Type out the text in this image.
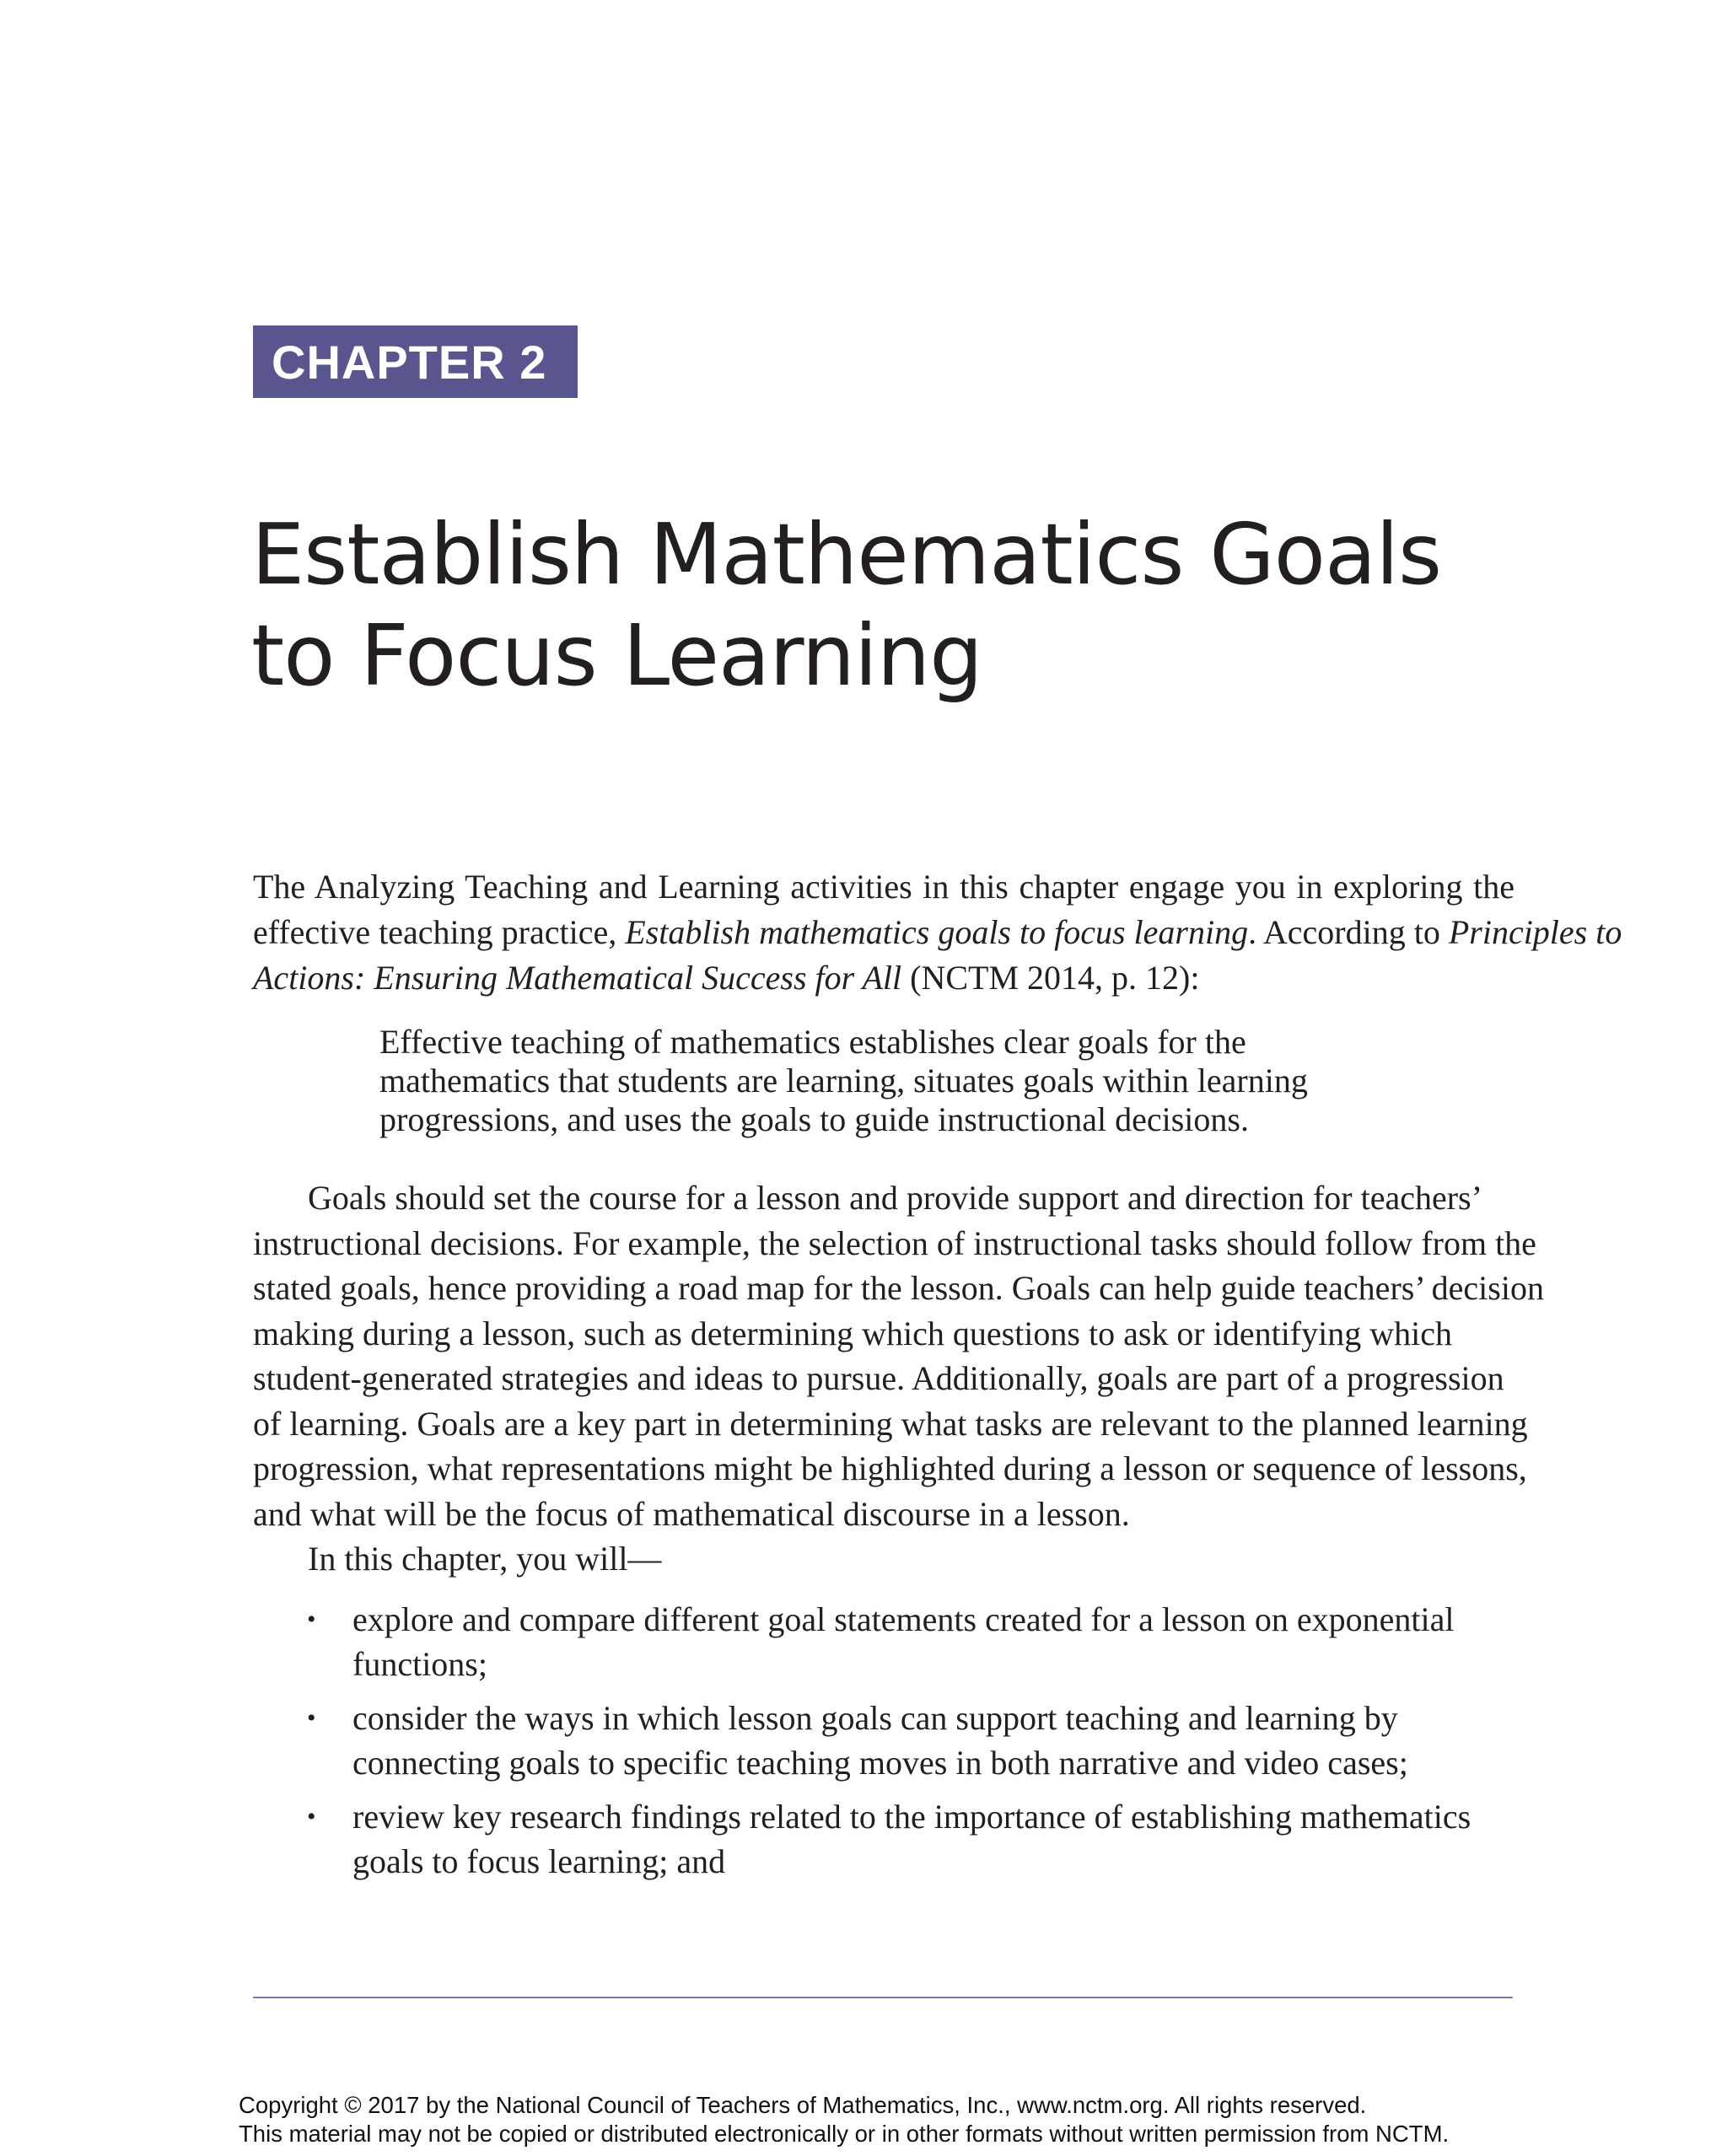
CHAPTER 2
Establish Mathematics Goals
to Focus Learning

The Analyzing Teaching and Learning activities in this chapter engage you in exploring the
effective teaching practice, Establish mathematics goals to focus learning. According to Principles to
Actions: Ensuring Mathematical Success for All (NCTM 2014, p. 12):

Effective teaching of mathematics establishes clear goals for the
mathematics that students are learning, situates goals within learning
progressions, and uses the goals to guide instructional decisions.

Goals should set the course for a lesson and provide support and direction for teachers’
instructional decisions. For example, the selection of instructional tasks should follow from the
stated goals, hence providing a road map for the lesson. Goals can help guide teachers’ decision
making during a lesson, such as determining which questions to ask or identifying which
student-generated strategies and ideas to pursue. Additionally, goals are part of a progression
of learning. Goals are a key part in determining what tasks are relevant to the planned learning
progression, what representations might be highlighted during a lesson or sequence of lessons,
and what will be the focus of mathematical discourse in a lesson.
In this chapter, you will—

• explore and compare different goal statements created for a lesson on exponential
functions;
• consider the ways in which lesson goals can support teaching and learning by
connecting goals to specific teaching moves in both narrative and video cases;
• review key research findings related to the importance of establishing mathematics
goals to focus learning; and
Copyright © 2017 by the National Council of Teachers of Mathematics, Inc., www.nctm.org. All rights reserved.
This material may not be copied or distributed electronically or in other formats without written permission from NCTM.
